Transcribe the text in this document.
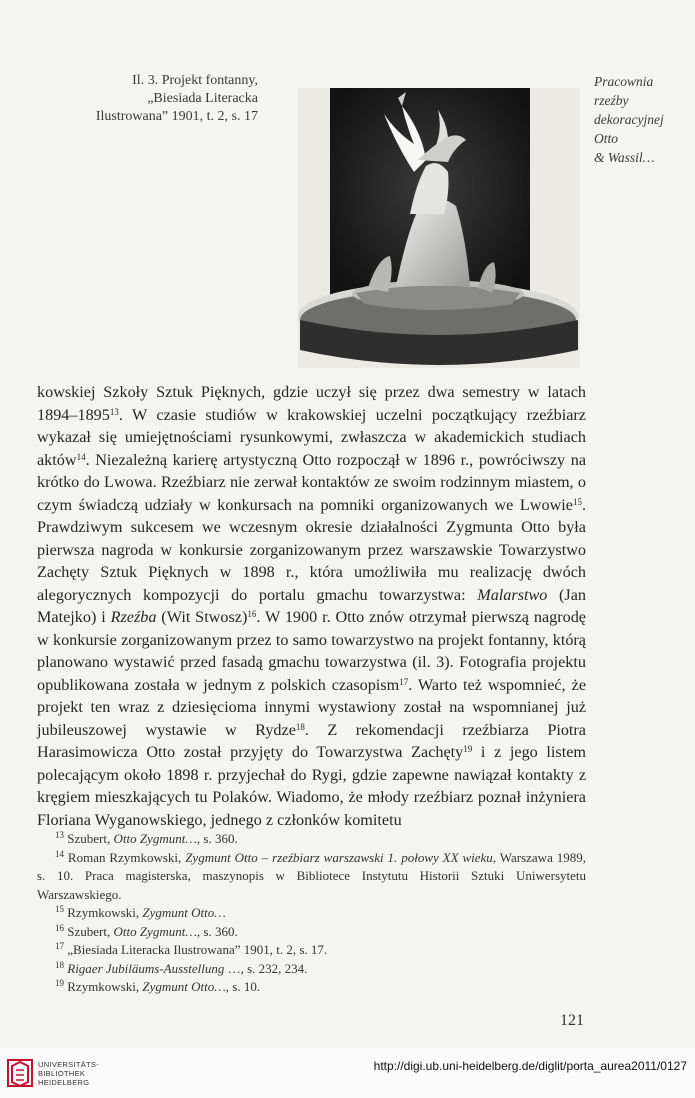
Il. 3. Projekt fontanny,
„Biesiada Literacka
Ilustrowana” 1901, t. 2, s. 17
Pracownia
rzeźby
dekoracyjnej
Otto
& Wassil…

kowskiej Szkoły Sztuk Pięknych, gdzie uczył się przez dwa semestry w latach 1894–1895$^{13}$. W czasie studiów w krakowskiej uczelni początkujący rzeźbiarz wykazał się umiejętnościami rysunkowymi, zwłaszcza w akademickich studiach aktów$^{14}$. Niezależną karierę artystyczną Otto rozpoczął w 1896 r., powróciwszy na krótko do Lwowa. Rzeźbiarz nie zerwał kontaktów ze swoim rodzinnym miastem, o czym świadczą udziały w konkursach na pomniki organizowanych we Lwowie$^{15}$. Prawdziwym sukcesem we wczesnym okresie działalności Zygmunta Otto była pierwsza nagroda w konkursie zorganizowanym przez warszawskie Towarzystwo Zachęty Sztuk Pięknych w 1898 r., która umożliwiła mu realizację dwóch alegorycznych kompozycji do portalu gmachu towarzystwa: Malarstwo (Jan Matejko) i Rzeźba (Wit Stwosz)$^{16}$. W 1900 r. Otto znów otrzymał pierwszą nagrodę w konkursie zorganizowanym przez to samo towarzystwo na projekt fontanny, którą planowano wystawić przed fasadą gmachu towarzystwa (il. 3). Fotografia projektu opublikowana została w jednym z polskich czasopism$^{17}$. Warto też wspomnieć, że projekt ten wraz z dziesięcioma innymi wystawiony został na wspomnianej już jubileuszowej wystawie w Rydze$^{18}$. Z rekomendacji rzeźbiarza Piotra Harasimowicza Otto został przyjęty do Towarzystwa Zachęty$^{19}$ i z jego listem polecającym około 1898 r. przyjechał do Rygi, gdzie zapewne nawiązał kontakty z kręgiem mieszkających tu Polaków. Wiadomo, że młody rzeźbiarz poznał inżyniera Floriana Wyganowskiego, jednego z członków komitetu

$^{13}$ Szubert, Otto Zygmunt…, s. 360.
$^{14}$ Roman Rzymkowski, Zygmunt Otto – rzeźbiarz warszawski 1. połowy XX wieku, Warszawa 1989, s. 10. Praca magisterska, maszynopis w Bibliotece Instytutu Historii Sztuki Uniwersytetu Warszawskiego.
$^{15}$ Rzymkowski, Zygmunt Otto…
$^{16}$ Szubert, Otto Zygmunt…, s. 360.
$^{17}$ „Biesiada Literacka Ilustrowana” 1901, t. 2, s. 17.
$^{18}$ Rigaer Jubiläums-Ausstellung …, s. 232, 234.
$^{19}$ Rzymkowski, Zygmunt Otto…, s. 10.
121
UNIVERSITÄTS-
BIBLIOTHEK
HEIDELBERG
http://digi.ub.uni-heidelberg.de/diglit/porta_aurea2011/0127
